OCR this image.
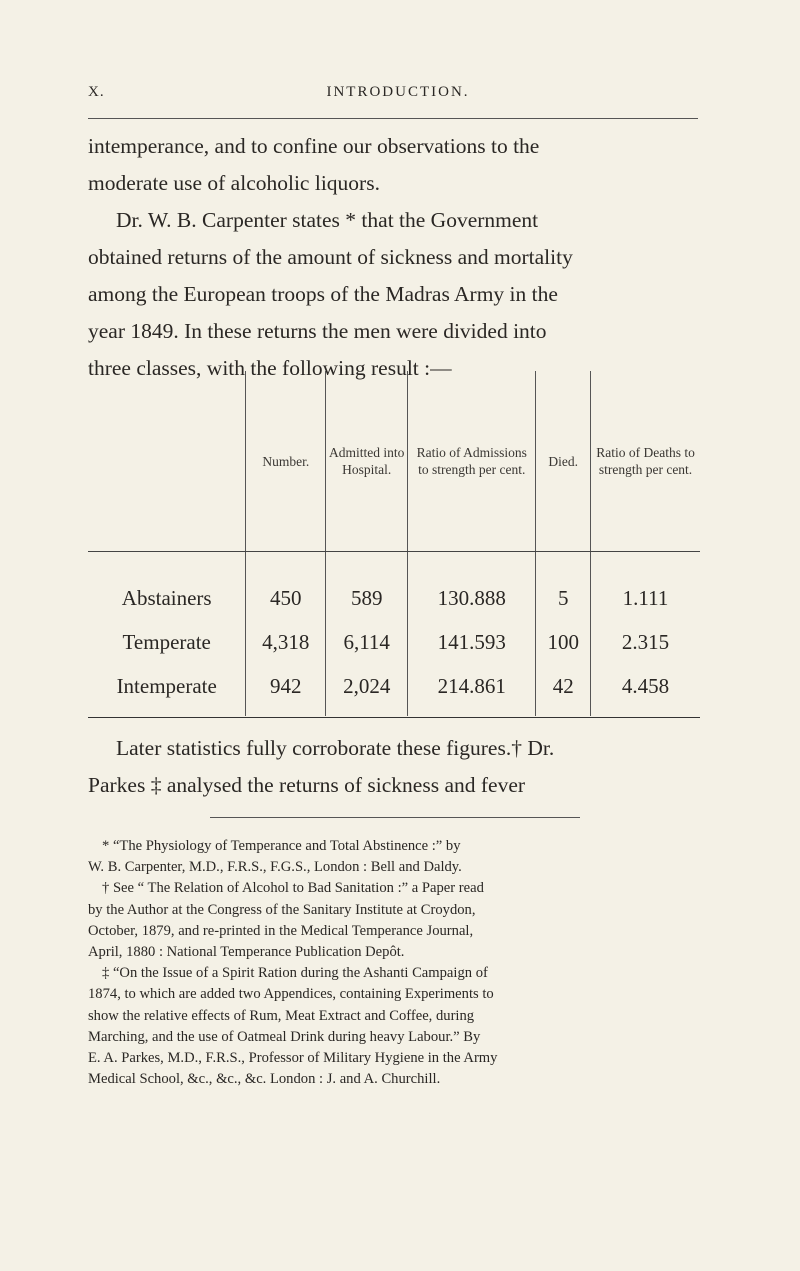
X.	INTRODUCTION.

intemperance, and to confine our observations to the
moderate use of alcoholic liquors.
Dr. W. B. Carpenter states * that the Government
obtained returns of the amount of sickness and mortality
among the European troops of the Madras Army in the
year 1849. In these returns the men were divided into
three classes, with the following result :—

	Number.	Admitted into Hospital.	Ratio of Admissions to strength per cent.	Died.	Ratio of Deaths to strength per cent.
Abstainers	450	589	130.888	5	1.111
Temperate	4,318	6,114	141.593	100	2.315
Intemperate	942	2,024	214.861	42	4.458

Later statistics fully corroborate these figures.† Dr.
Parkes ‡ analysed the returns of sickness and fever

* “The Physiology of Temperance and Total Abstinence :” by
W. B. Carpenter, M.D., F.R.S., F.G.S., London : Bell and Daldy.
† See “ The Relation of Alcohol to Bad Sanitation :” a Paper read
by the Author at the Congress of the Sanitary Institute at Croydon,
October, 1879, and re-printed in the Medical Temperance Journal,
April, 1880 : National Temperance Publication Depôt.
‡ “On the Issue of a Spirit Ration during the Ashanti Campaign of
1874, to which are added two Appendices, containing Experiments to
show the relative effects of Rum, Meat Extract and Coffee, during
Marching, and the use of Oatmeal Drink during heavy Labour.” By
E. A. Parkes, M.D., F.R.S., Professor of Military Hygiene in the Army
Medical School, &c., &c., &c. London : J. and A. Churchill.
